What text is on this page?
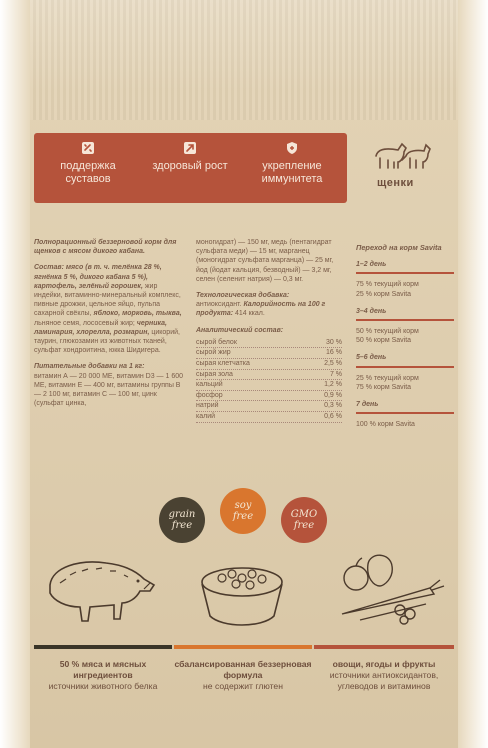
поддержка суставов
здоровый рост	укрепление иммунитета	щенки

Полнорационный беззерновой корм для щенков с мясом дикого кабана.

Состав: мясо (в т. ч. телёнка 28 %, ягнёнка 5 %, дикого кабана 5 %), картофель, зелёный горошек, жир индейки, витаминно-минеральный комплекс, пивные дрожжи, цельное яйцо, пульпа сахарной свёклы, яблоко, морковь, тыква, льняное семя, лососевый жир; черника, ламинария, хлорелла, розмарин, цикорий, таурин, глюкозамин из животных тканей, сульфат хондроитина, юкка Шидигера.

Питательные добавки на 1 кг:
витамин А — 20 000 МЕ, витамин D3 — 1 600 МЕ, витамин Е — 400 мг, витамины группы В — 2 100 мг, витамин С — 100 мг, цинк (сульфат цинка,

моногидрат) — 150 мг, медь (пентагидрат сульфата меди) — 15 мг, марганец (моногидрат сульфата марганца) — 25 мг, йод (йодат кальция, безводный) — 3,2 мг, селен (селенит натрия) — 0,3 мг.

Технологическая добавка:
антиоксидант. Калорийность на 100 г продукта: 414 ккал.

Аналитический состав:
сырой белок	30 %
сырой жир	16 %
сырая клетчатка	2,5 %
сырая зола	7 %
кальций	1,2 %
фосфор	0,9 %
натрий	0,3 %
калий	0,6 %
Переход на корм Savita
1–2 день
75 % текущий корм
25 % корм Savita
3–4 день
50 % текущий корм
50 % корм Savita
5–6 день
25 % текущий корм
75 % корм Savita
7 день
100 % корм Savita
grain
free
soy
free	GMO
free
50 % мяса и мясных ингредиентов
источники животного белка
сбалансированная беззерновая формула
не содержит глютен
овощи, ягоды и фрукты
источники антиоксидантов, углеводов и витаминов
